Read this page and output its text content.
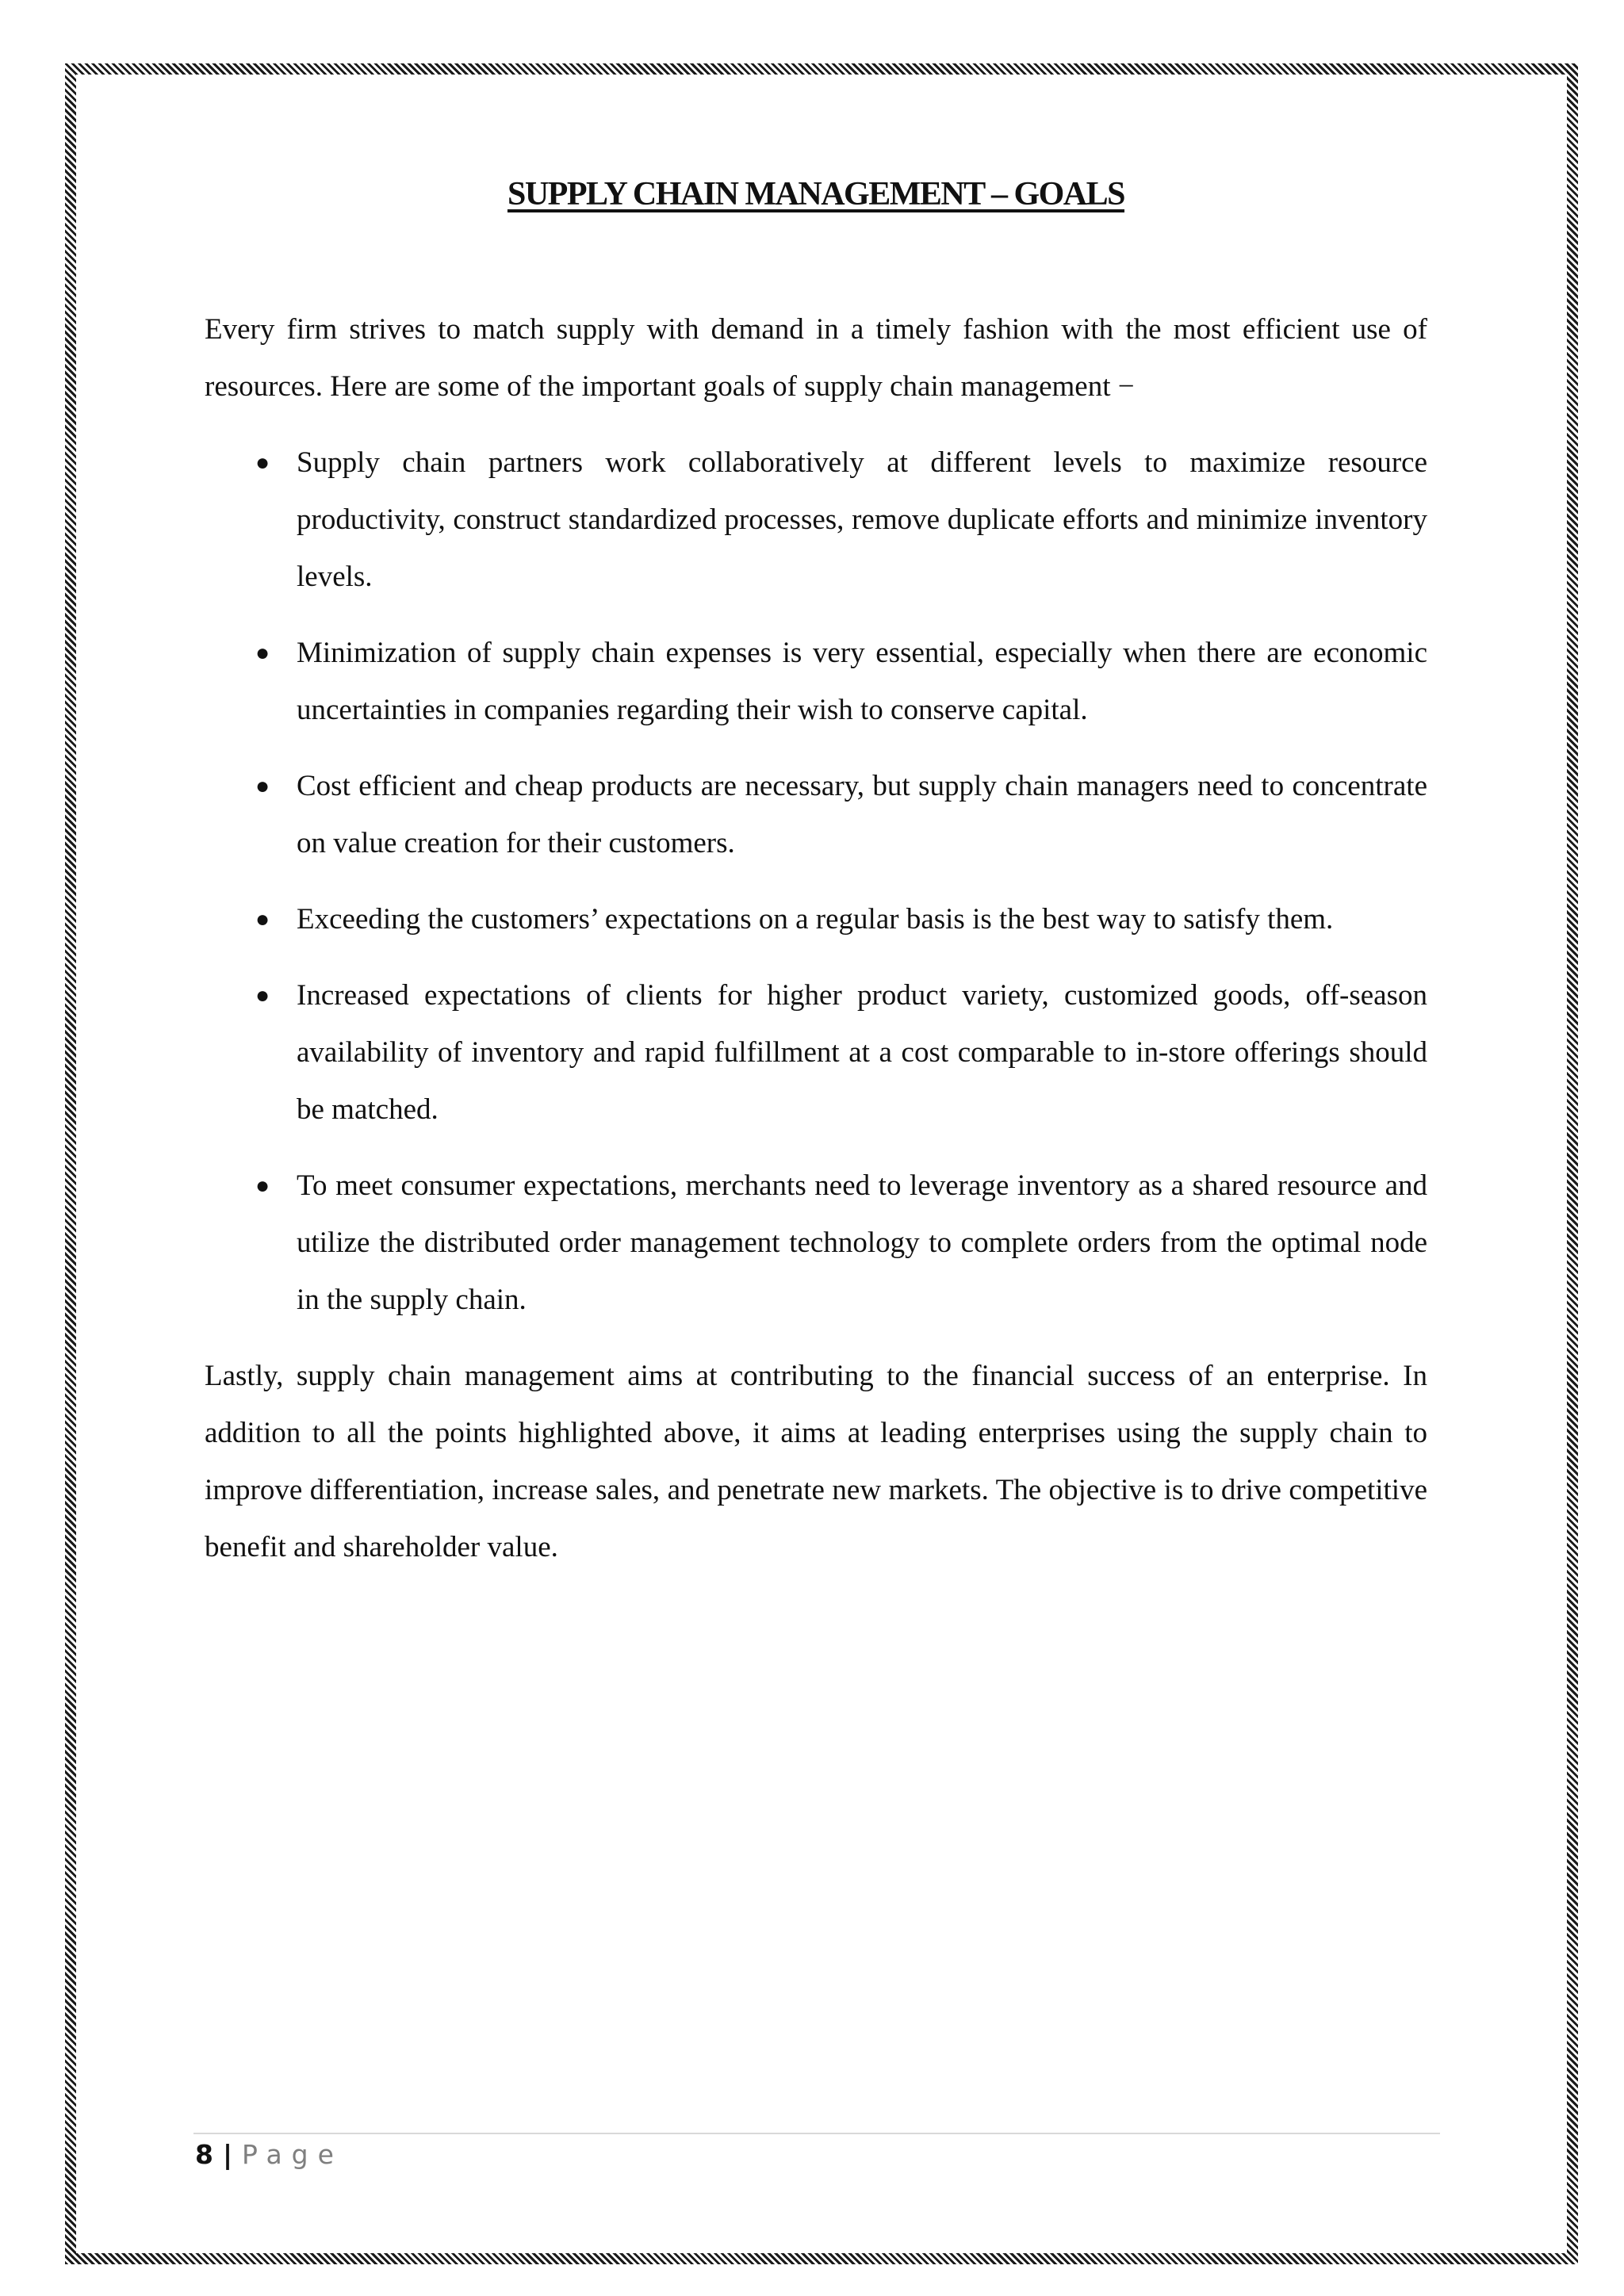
SUPPLY CHAIN MANAGEMENT – GOALS

Every firm strives to match supply with demand in a timely fashion with the most efficient use of resources. Here are some of the important goals of supply chain management −

● Supply chain partners work collaboratively at different levels to maximize resource productivity, construct standardized processes, remove duplicate efforts and minimize inventory levels.
● Minimization of supply chain expenses is very essential, especially when there are economic uncertainties in companies regarding their wish to conserve capital.
● Cost efficient and cheap products are necessary, but supply chain managers need to concentrate on value creation for their customers.
● Exceeding the customers’ expectations on a regular basis is the best way to satisfy them.
● Increased expectations of clients for higher product variety, customized goods, off-season availability of inventory and rapid fulfillment at a cost comparable to in-store offerings should be matched.
● To meet consumer expectations, merchants need to leverage inventory as a shared resource and utilize the distributed order management technology to complete orders from the optimal node in the supply chain.

Lastly, supply chain management aims at contributing to the financial success of an enterprise. In addition to all the points highlighted above, it aims at leading enterprises using the supply chain to improve differentiation, increase sales, and penetrate new markets. The objective is to drive competitive benefit and shareholder value.

8 | Page
